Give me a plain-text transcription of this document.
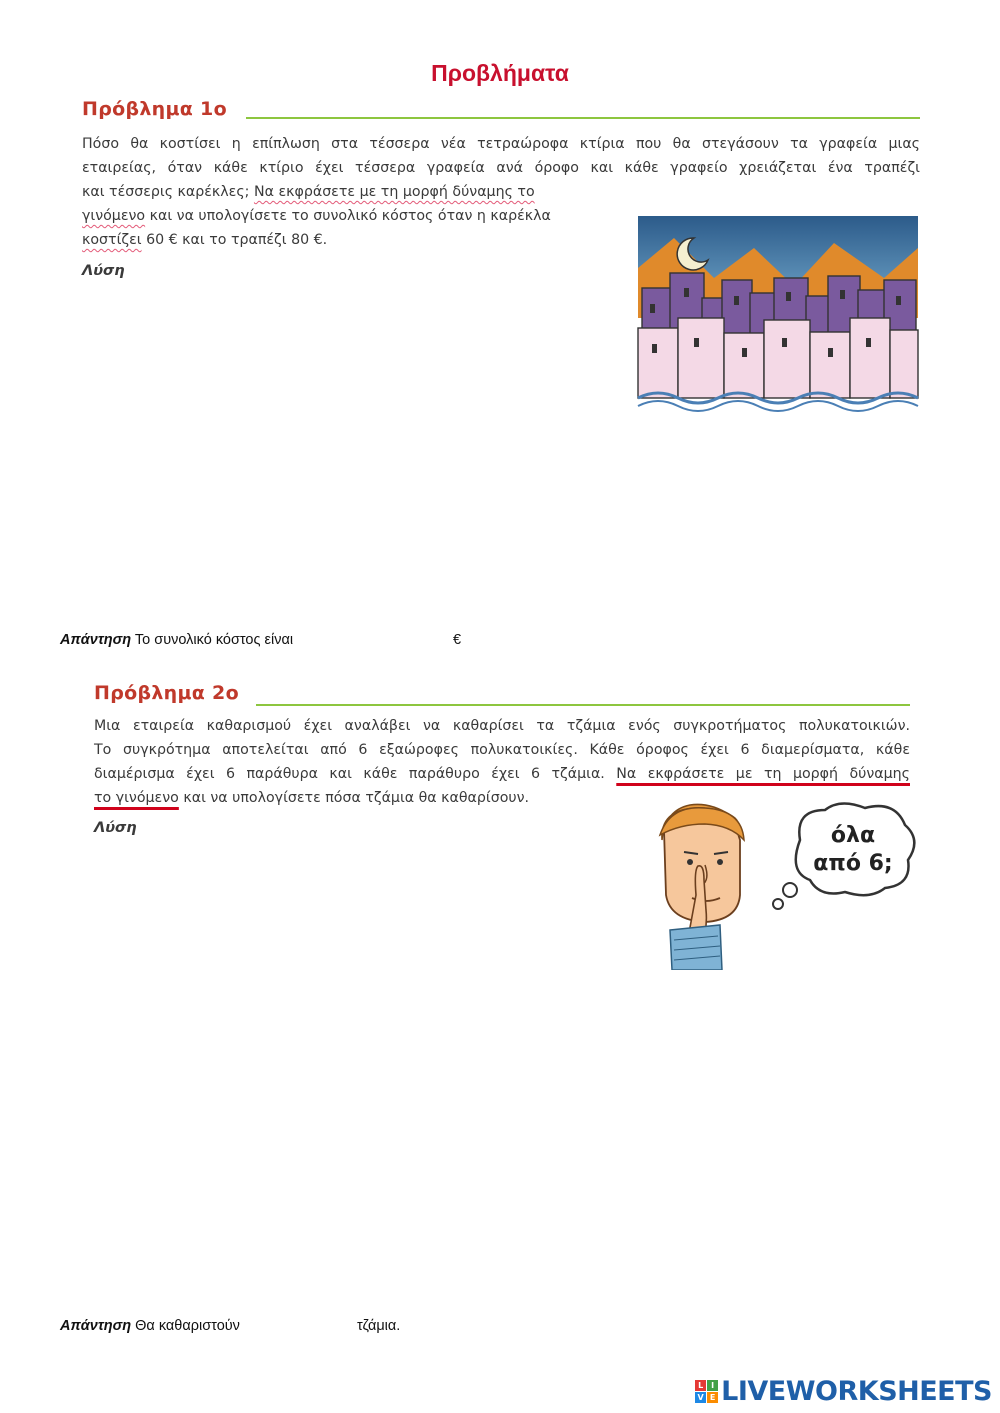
Προβλήματα
Πρόβλημα 1ο
Πόσο θα κοστίσει η επίπλωση στα τέσσερα νέα τετραώροφα κτίρια που θα στεγάσουν τα γραφεία μιας
εταιρείας, όταν κάθε κτίριο έχει τέσσερα γραφεία ανά όροφο και κάθε γραφείο χρειάζεται ένα τραπέζι
και τέσσερις καρέκλες; Να εκφράσετε με τη μορφή δύναμης το
γινόμενο και να υπολογίσετε το συνολικό κόστος όταν η καρέκλα
κοστίζει 60 € και το τραπέζι 80 €.
Λύση
Απάντηση Το συνολικό κόστος είναι	€
Πρόβλημα 2ο
Μια εταιρεία καθαρισμού έχει αναλάβει να καθαρίσει τα τζάμια ενός συγκροτήματος πολυκατοικιών.
Το συγκρότημα αποτελείται από 6 εξαώροφες πολυκατοικίες. Κάθε όροφος έχει 6 διαμερίσματα, κάθε
διαμέρισμα έχει 6 παράθυρα και κάθε παράθυρο έχει 6 τζάμια. Να εκφράσετε με τη μορφή δύναμης
το γινόμενο και να υπολογίσετε πόσα τζάμια θα καθαρίσουν.
Λύση	όλα
από 6;
Απάντηση Θα καθαριστούν	τζάμια.
L I
V E LIVEWORKSHEETS
